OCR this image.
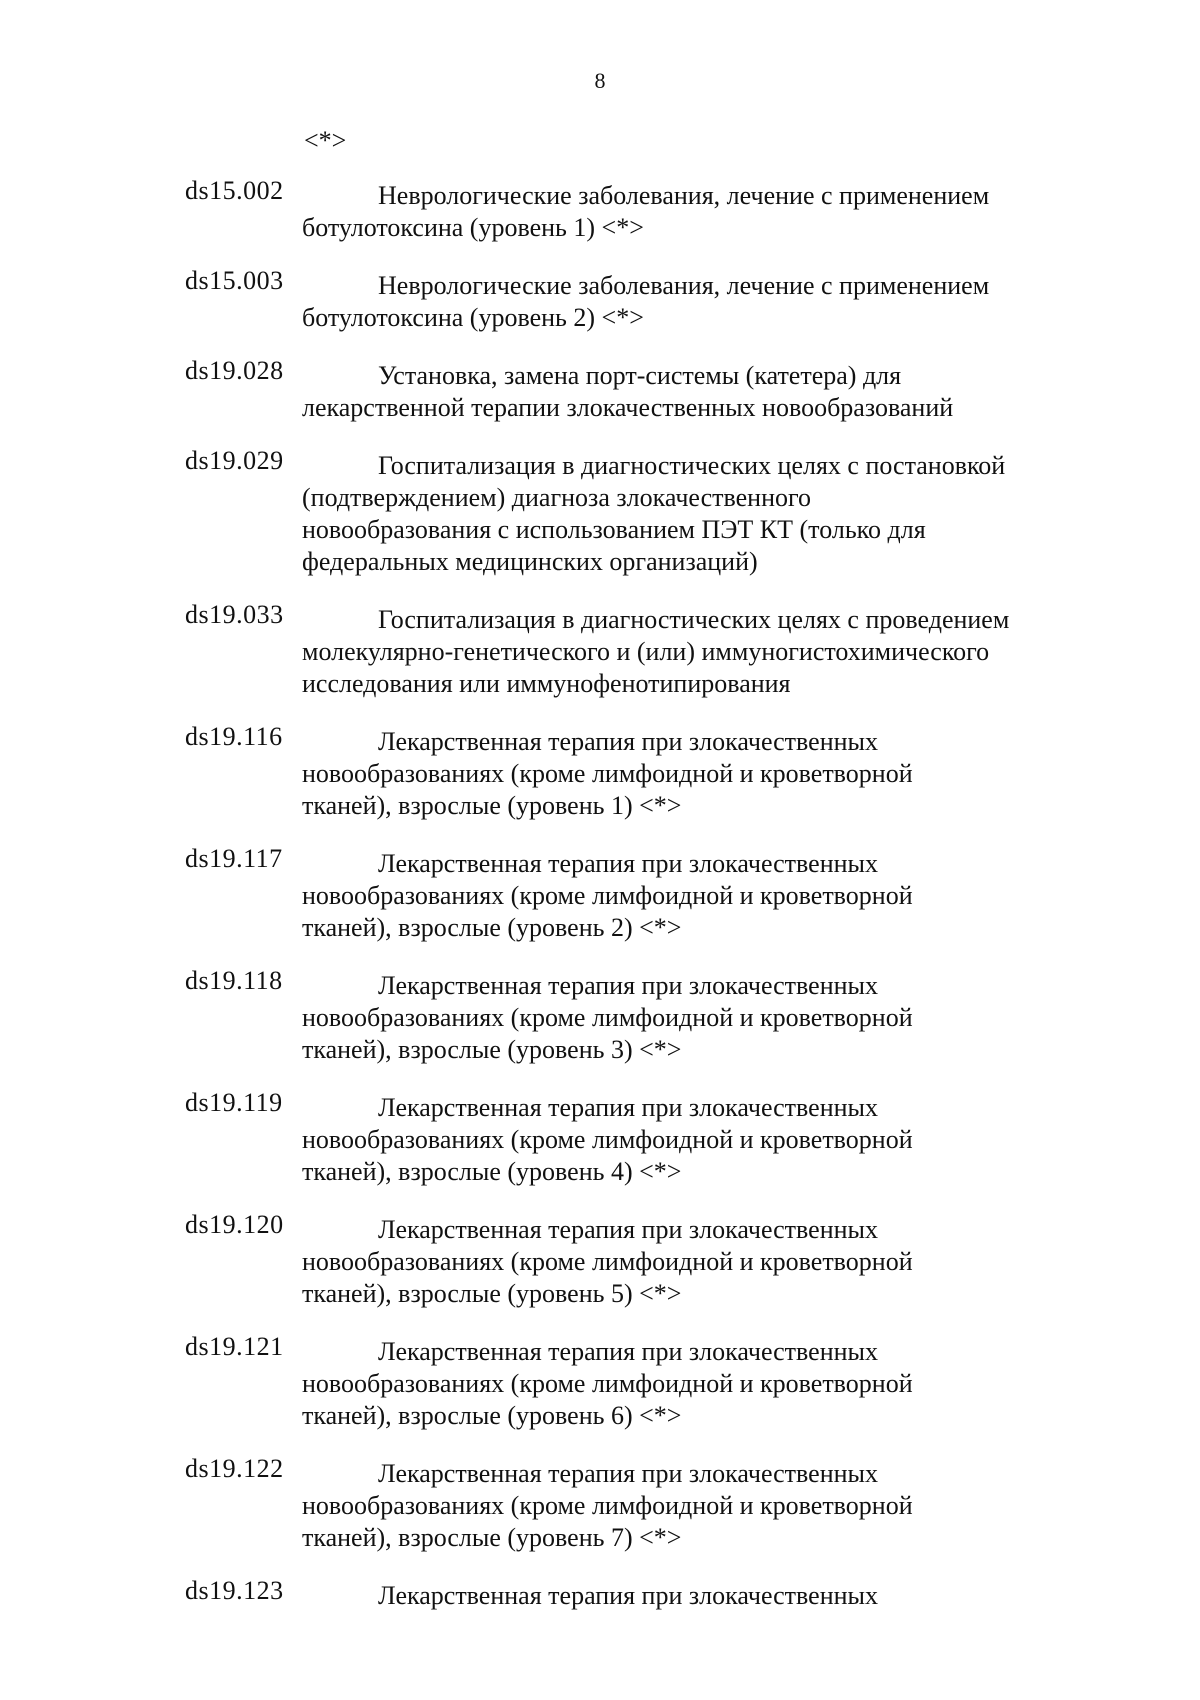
8
<*>
ds15.002	Неврологические заболевания, лечение с применением
ботулотоксина (уровень 1) <*>
ds15.003	Неврологические заболевания, лечение с применением
ботулотоксина (уровень 2) <*>
ds19.028	Установка, замена порт-системы (катетера) для
лекарственной терапии злокачественных новообразований
ds19.029	Госпитализация в диагностических целях с постановкой
(подтверждением) диагноза злокачественного
новообразования с использованием ПЭТ КТ (только для
федеральных медицинских организаций)
ds19.033	Госпитализация в диагностических целях с проведением
молекулярно-генетического и (или) иммуногистохимического
исследования или иммунофенотипирования
ds19.116	Лекарственная терапия при злокачественных
новообразованиях (кроме лимфоидной и кроветворной
тканей), взрослые (уровень 1) <*>
ds19.117	Лекарственная терапия при злокачественных
новообразованиях (кроме лимфоидной и кроветворной
тканей), взрослые (уровень 2) <*>
ds19.118	Лекарственная терапия при злокачественных
новообразованиях (кроме лимфоидной и кроветворной
тканей), взрослые (уровень 3) <*>
ds19.119	Лекарственная терапия при злокачественных
новообразованиях (кроме лимфоидной и кроветворной
тканей), взрослые (уровень 4) <*>
ds19.120	Лекарственная терапия при злокачественных
новообразованиях (кроме лимфоидной и кроветворной
тканей), взрослые (уровень 5) <*>
ds19.121	Лекарственная терапия при злокачественных
новообразованиях (кроме лимфоидной и кроветворной
тканей), взрослые (уровень 6) <*>
ds19.122	Лекарственная терапия при злокачественных
новообразованиях (кроме лимфоидной и кроветворной
тканей), взрослые (уровень 7) <*>
ds19.123	Лекарственная терапия при злокачественных
